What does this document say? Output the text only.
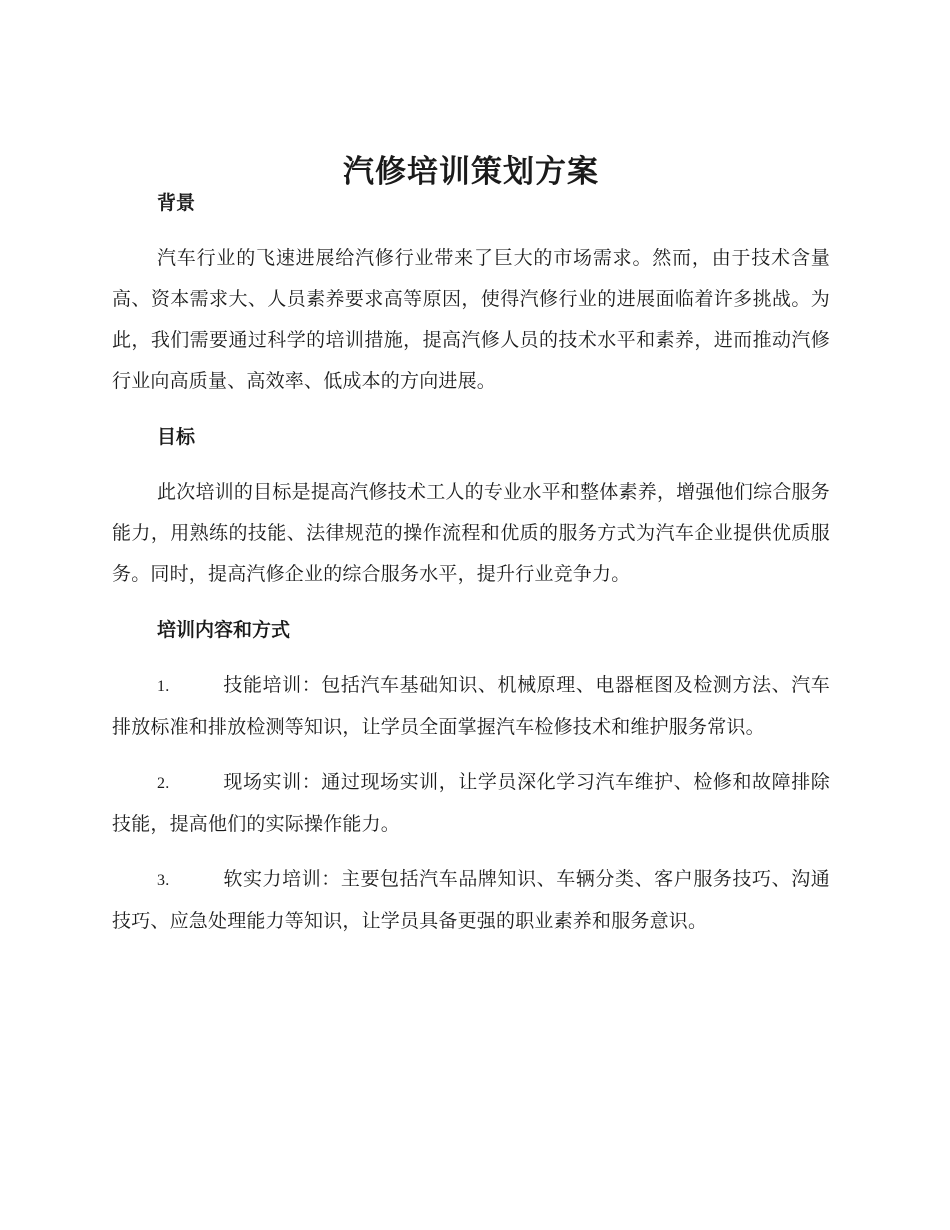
汽修培训策划方案
背景

汽车行业的飞速进展给汽修行业带来了巨大的市场需求。然而，由于技术含量高、资本需求大、人员素养要求高等原因，使得汽修行业的进展面临着许多挑战。为此，我们需要通过科学的培训措施，提高汽修人员的技术水平和素养，进而推动汽修行业向高质量、高效率、低成本的方向进展。

目标

此次培训的目标是提高汽修技术工人的专业水平和整体素养，增强他们综合服务能力，用熟练的技能、法律规范的操作流程和优质的服务方式为汽车企业提供优质服务。同时，提高汽修企业的综合服务水平，提升行业竞争力。

培训内容和方式

1.	技能培训：包括汽车基础知识、机械原理、电器框图及检测方法、汽车排放标准和排放检测等知识，让学员全面掌握汽车检修技术和维护服务常识。

2.	现场实训：通过现场实训，让学员深化学习汽车维护、检修和故障排除技能，提高他们的实际操作能力。

3.	软实力培训：主要包括汽车品牌知识、车辆分类、客户服务技巧、沟通技巧、应急处理能力等知识，让学员具备更强的职业素养和服务意识。
